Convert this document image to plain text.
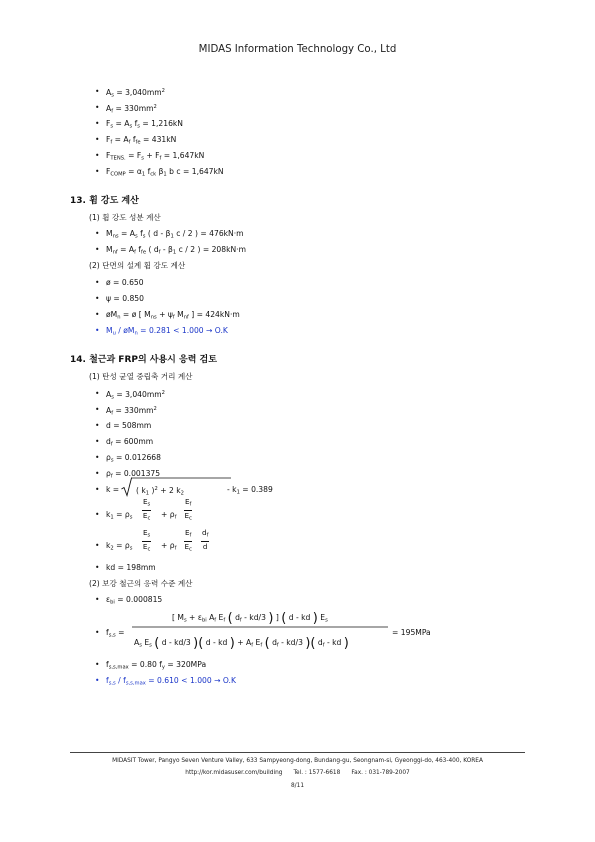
MIDAS Information Technology Co., Ltd
• $A_s = 3,040mm^2$
• $A_f = 330mm^2$
• $F_s = A_s$ $f_s = 1,216kN$
• $F_f = A_f$ $f_{fe} = 431kN$
• $F_{TENS.} = F_s + F_f = 1,647kN$
• $F_{COMP} = \alpha_1$ $f_{ck}$ $\beta_1$ b c = 1,647kN
13. 휨 강도 계산
(1) 휨 강도 성분 계산
• $M_{ns} = A_s$ $f_s$ ( d - $\beta_1$ c / 2 ) = 476kN·m
• $M_{nf} = A_f$ $f_{fe}$ ( $d_f - \beta_1$ c / 2 ) = 208kN·m
(2) 단면의 설계 휨 강도 계산
• ø = 0.650
• ψ = 0.850
• $øM_n$ = ø [ $M_{ns} + \psi_f$ $M_{nf}$ ] = 424kN·m
• $M_u$ / $øM_n = 0.281 < 1.000 \to O.K$
14. 철근과 FRP의 사용시 응력 검토
(1) 탄성 균열 중립축 거리 계산
• $A_s = 3,040mm^2$
• $A_f = 330mm^2$
• d = 508mm
• $d_f = 600mm$
• $\rho_s = 0.012668$
• $\rho_f = 0.001375$
• k = ( $k_1$ )$^2$ + 2 $k_2$	- $k_1 = 0.389$
• $k_1 = \rho_s \frac{E_s}{E_c} + \rho_f \frac{E_f}{E_c}$
• $k_2 = \rho_s \frac{E_s}{E_c} + \rho_f \frac{E_f}{E_c} \frac{d_f}{d}$
• kd = 198mm
(2) 보강 철근의 응력 수준 계산
• $\varepsilon_{bi} = 0.000815$
• $f_{s,s}$ =
[ $M_s + \varepsilon_{bi}$ $A_f$ $E_f$ ( $d_f - kd/3$ ) ] ( d - kd ) $E_s$
$A_s$ $E_s$ ( d - kd/3 )( d - kd ) + $A_f$ $E_f$ ( $d_f - kd/3$ )( $d_f$ - kd )
= 195MPa
• $f_{s,s,max} = 0.80$ $f_y = 320MPa$
• $f_{s,s} / f_{s,s,max} = 0.610 < 1.000 \to O.K$
MIDASIT Tower, Pangyo Seven Venture Valley, 633 Sampyeong-dong, Bundang-gu, Seongnam-si, Gyeonggi-do, 463-400, KOREA
http://kor.midasuser.com/building Tel. : 1577-6618 Fax. : 031-789-2007
8/11
